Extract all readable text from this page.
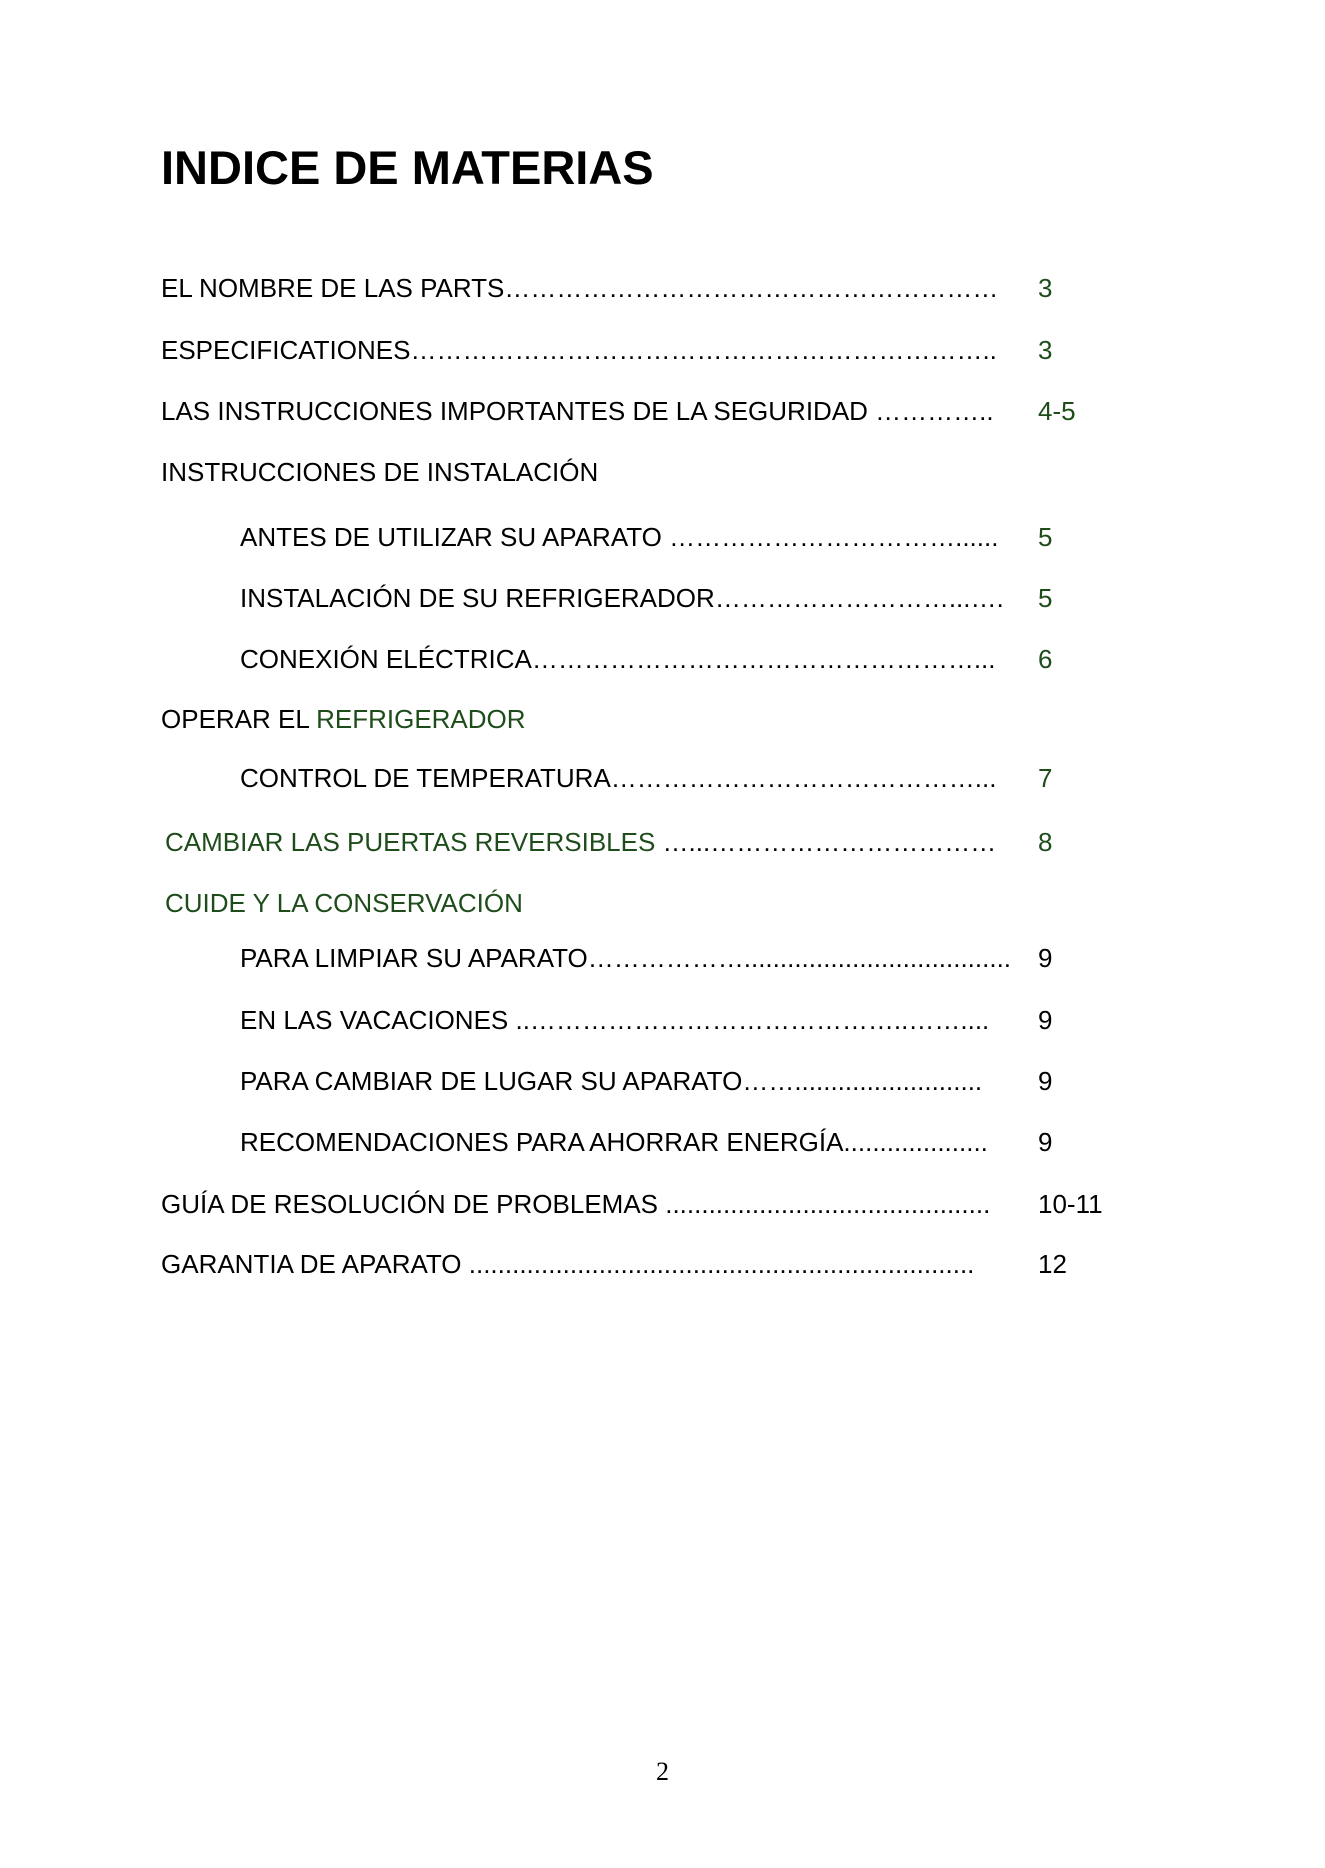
INDICE DE MATERIAS
EL NOMBRE DE LAS PARTS………………………………………………… 3
ESPECIFICATIONES………………………………………………………….. 3
LAS INSTRUCCIONES IMPORTANTES DE LA SEGURIDAD ………….. 4-5
INSTRUCCIONES DE INSTALACIÓN
ANTES DE UTILIZAR SU APARATO ……………………………...... 5
INSTALACIÓN DE SU REFRIGERADOR………………………...…. 5
CONEXIÓN ELÉCTRICA……………………………………………... 6
OPERAR EL REFRIGERADOR
CONTROL DE TEMPERATURA……………………………………... 7
CAMBIAR LAS PUERTAS REVERSIBLES …...…………………………… 8
CUIDE Y LA CONSERVACIÓN
PARA LIMPIAR SU APARATO………………..................................... 9
EN LAS VACACIONES ..……………………………………..…….... 9
PARA CAMBIAR DE LUGAR SU APARATO…….......................... 9
RECOMENDACIONES PARA AHORRAR ENERGÍA.................... 9
GUÍA DE RESOLUCIÓN DE PROBLEMAS ............................................. 10-11
GARANTIA DE APARATO ...................................................................... 12
2
